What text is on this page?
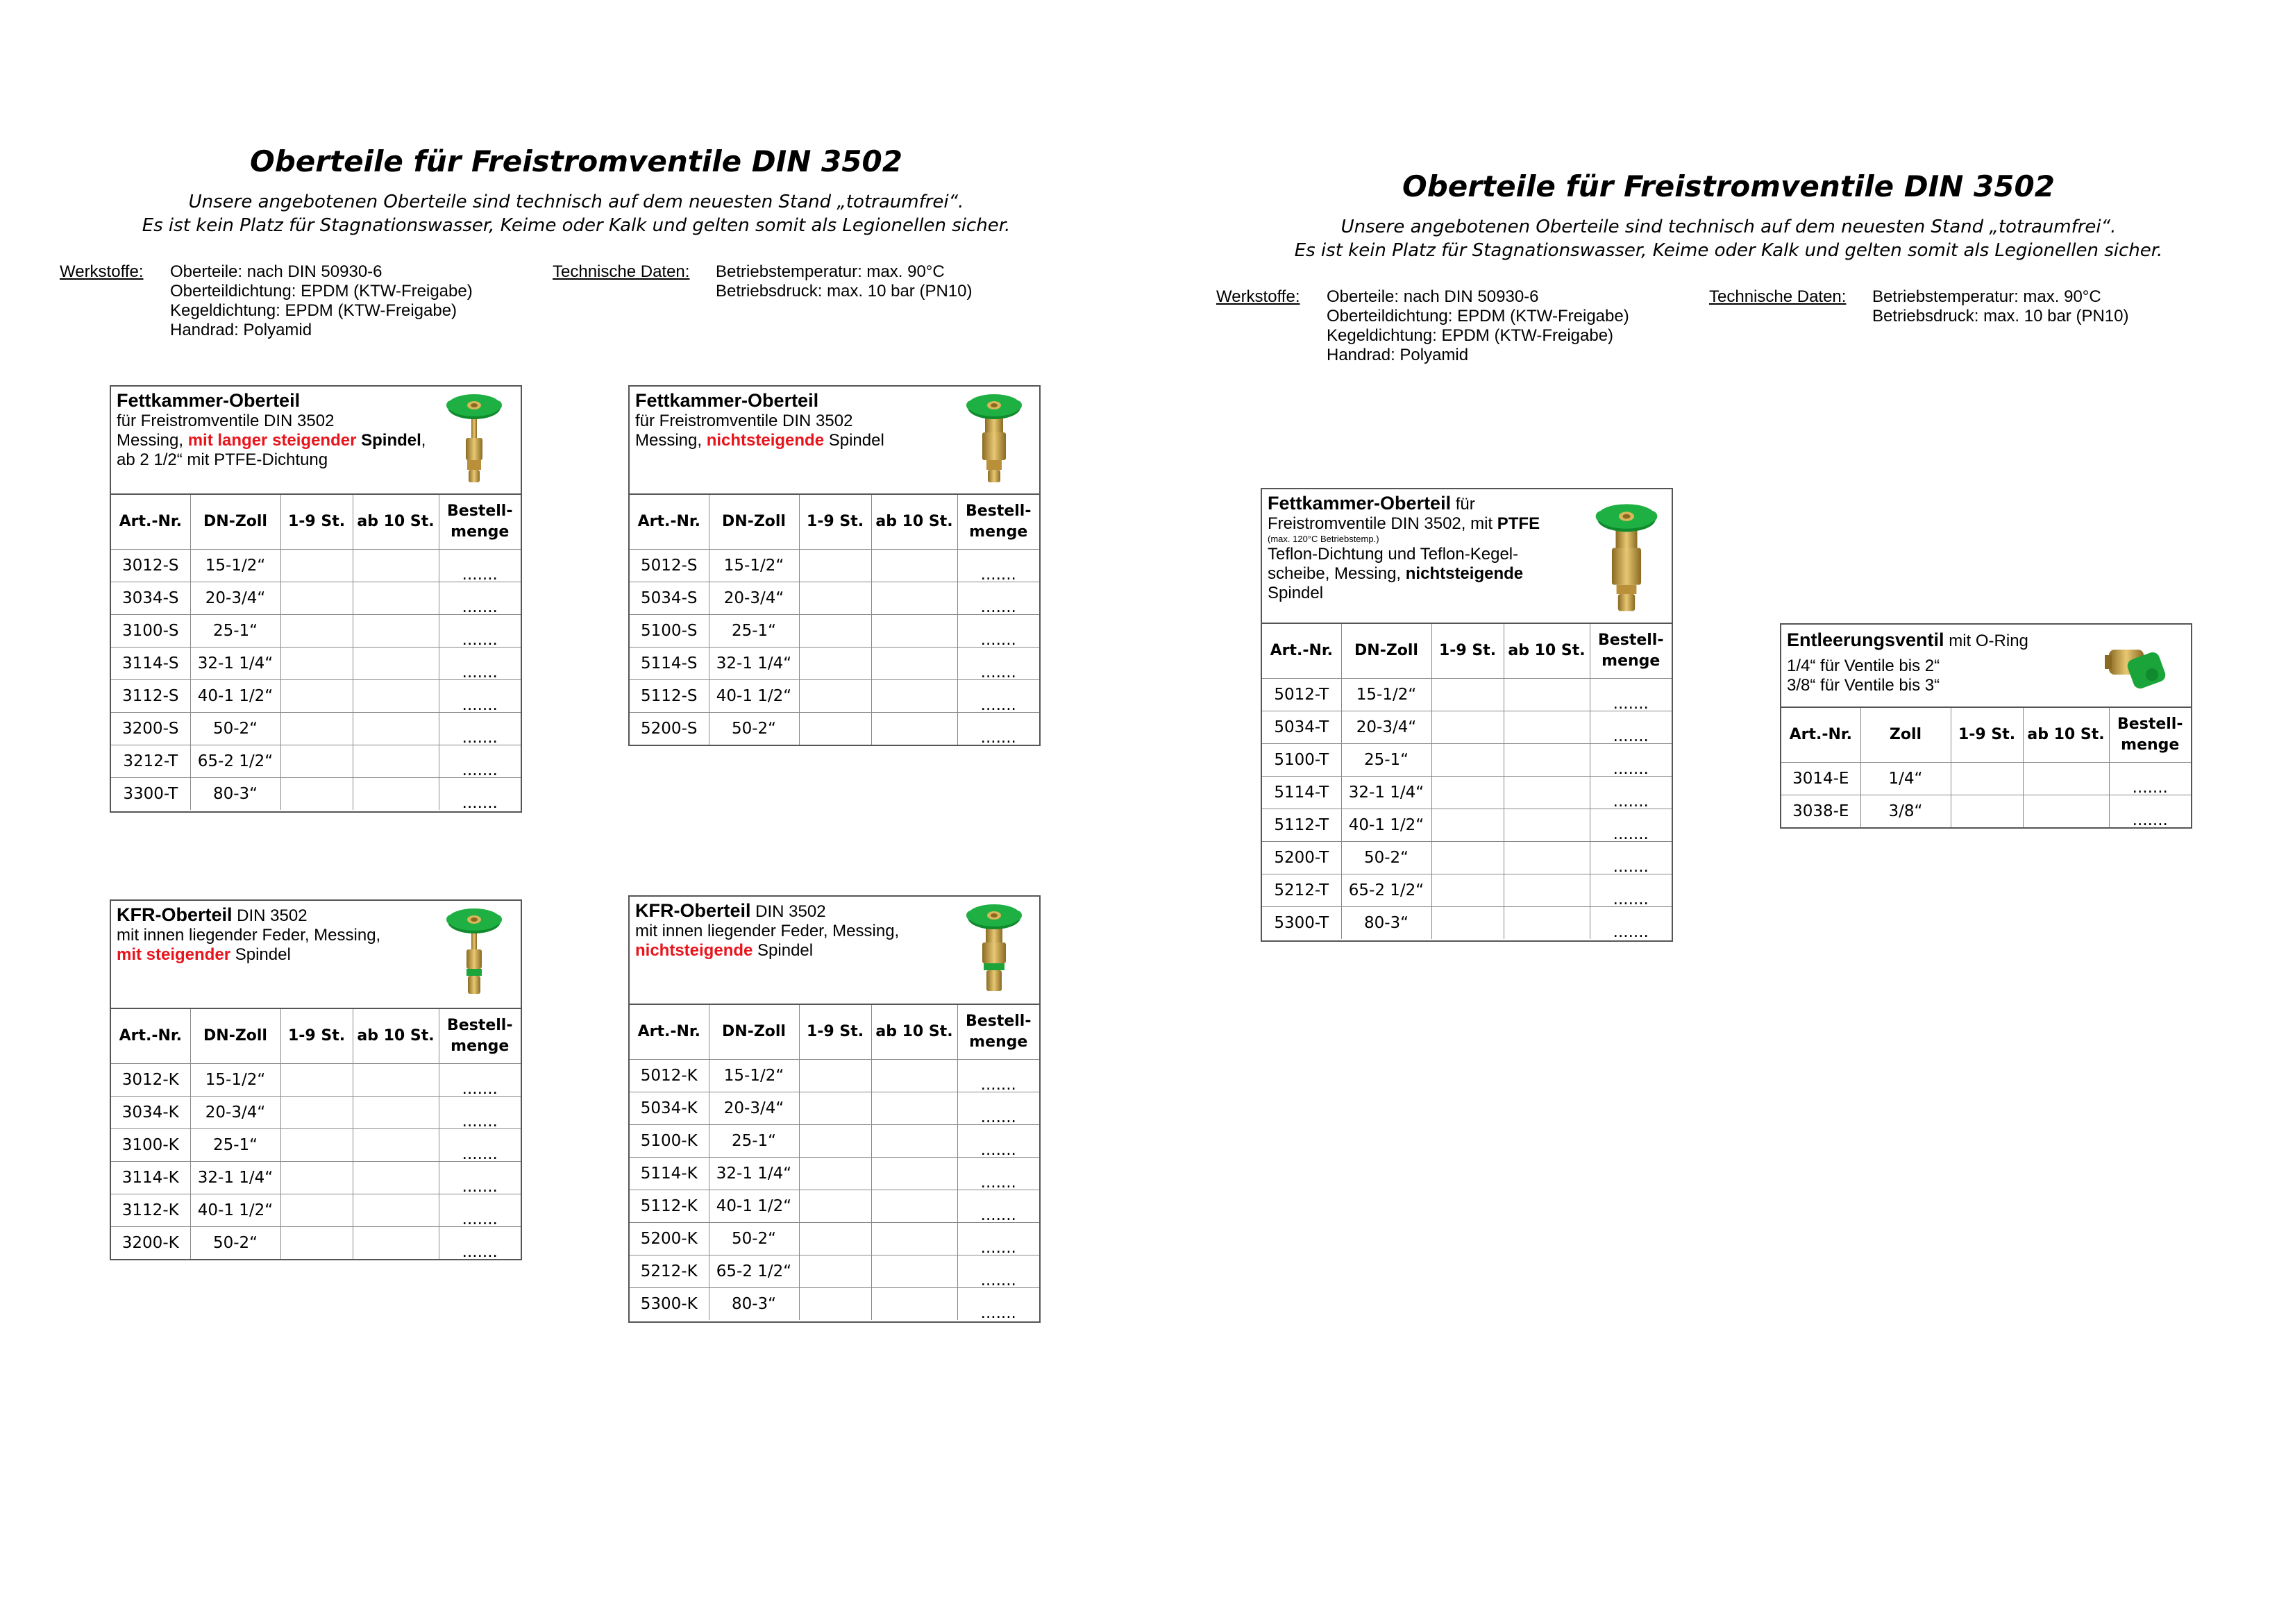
Oberteile für Freistromventile DIN 3502
Unsere angebotenen Oberteile sind technisch auf dem neuesten Stand „totraumfrei“.
Es ist kein Platz für Stagnationswasser, Keime oder Kalk und gelten somit als Legionellen sicher.
Werkstoffe: Oberteile: nach DIN 50930-6
Oberteildichtung: EPDM (KTW-Freigabe)
Kegeldichtung: EPDM (KTW-Freigabe)
Handrad: Polyamid
Technische Daten: Betriebstemperatur: max. 90°C
Betriebsdruck: max. 10 bar (PN10)
Oberteile für Freistromventile DIN 3502
Unsere angebotenen Oberteile sind technisch auf dem neuesten Stand „totraumfrei“.
Es ist kein Platz für Stagnationswasser, Keime oder Kalk und gelten somit als Legionellen sicher.
Werkstoffe: Oberteile: nach DIN 50930-6
Oberteildichtung: EPDM (KTW-Freigabe)
Kegeldichtung: EPDM (KTW-Freigabe)
Handrad: Polyamid
Technische Daten: Betriebstemperatur: max. 90°C
Betriebsdruck: max. 10 bar (PN10)
Fettkammer-Oberteil
für Freistromventile DIN 3502
Messing, mit langer steigender Spindel,
ab 2 1/2“ mit PTFE-Dichtung
Art.-Nr.	DN-Zoll	1-9 St.	ab 10 St.	Bestell-
menge
3012-S	15-1/2“			.......
3034-S	20-3/4“			.......
3100-S	25-1“			.......
3114-S	32-1 1/4“			.......
3112-S	40-1 1/2“			.......
3200-S	50-2“			.......
3212-T	65-2 1/2“			.......
3300-T	80-3“			.......
Fettkammer-Oberteil
für Freistromventile DIN 3502
Messing, nichtsteigende Spindel
Art.-Nr.	DN-Zoll	1-9 St.	ab 10 St.	Bestell-
menge
5012-S	15-1/2“			.......
5034-S	20-3/4“			.......
5100-S	25-1“			.......
5114-S	32-1 1/4“			.......
5112-S	40-1 1/2“			.......
5200-S	50-2“			.......
KFR-Oberteil DIN 3502
mit innen liegender Feder, Messing,
mit steigender Spindel
Art.-Nr.	DN-Zoll	1-9 St.	ab 10 St.	Bestell-
menge
3012-K	15-1/2“			.......
3034-K	20-3/4“			.......
3100-K	25-1“			.......
3114-K	32-1 1/4“			.......
3112-K	40-1 1/2“			.......
3200-K	50-2“			.......
KFR-Oberteil DIN 3502
mit innen liegender Feder, Messing,
nichtsteigende Spindel
Art.-Nr.	DN-Zoll	1-9 St.	ab 10 St.	Bestell-
menge
5012-K	15-1/2“			.......
5034-K	20-3/4“			.......
5100-K	25-1“			.......
5114-K	32-1 1/4“			.......
5112-K	40-1 1/2“			.......
5200-K	50-2“			.......
5212-K	65-2 1/2“			.......
5300-K	80-3“			.......
Fettkammer-Oberteil für
Freistromventile DIN 3502, mit PTFE
(max. 120°C Betriebstemp.)
Teflon-Dichtung und Teflon-Kegel-
scheibe, Messing, nichtsteigende
Spindel
Art.-Nr.	DN-Zoll	1-9 St.	ab 10 St.	Bestell-
menge
5012-T	15-1/2“			.......
5034-T	20-3/4“			.......
5100-T	25-1“			.......
5114-T	32-1 1/4“			.......
5112-T	40-1 1/2“			.......
5200-T	50-2“			.......
5212-T	65-2 1/2“			.......
5300-T	80-3“			.......
Entleerungsventil mit O-Ring
1/4“ für Ventile bis 2“
3/8“ für Ventile bis 3“
Art.-Nr.	Zoll	1-9 St.	ab 10 St.	Bestell-
menge
3014-E	1/4“			.......
3038-E	3/8“			.......
